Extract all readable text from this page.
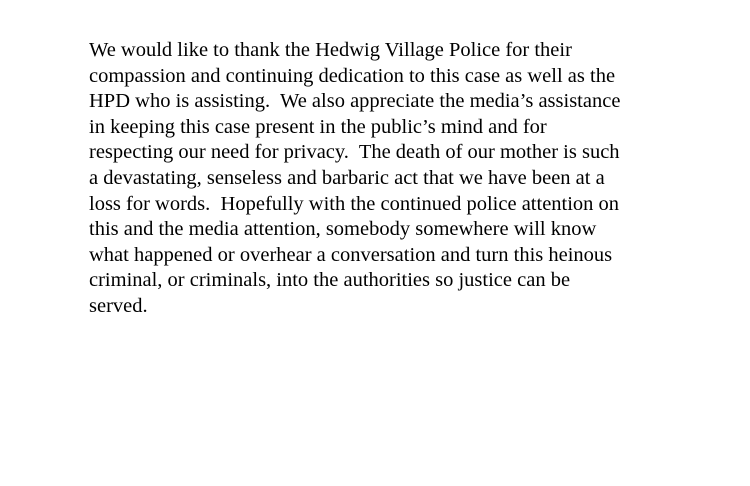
We would like to thank the Hedwig Village Police for their
compassion and continuing dedication to this case as well as the
HPD who is assisting.  We also appreciate the media’s assistance
in keeping this case present in the public’s mind and for
respecting our need for privacy.  The death of our mother is such
a devastating, senseless and barbaric act that we have been at a
loss for words.  Hopefully with the continued police attention on
this and the media attention, somebody somewhere will know
what happened or overhear a conversation and turn this heinous
criminal, or criminals, into the authorities so justice can be
served.
